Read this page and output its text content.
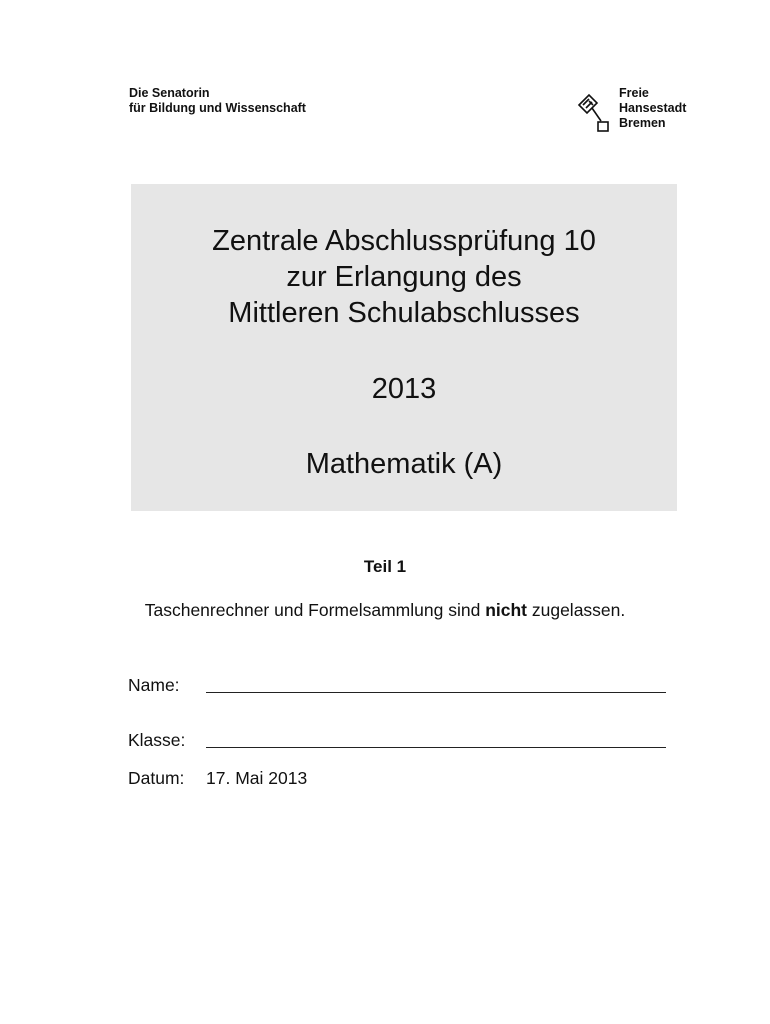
Die Senatorin
für Bildung und Wissenschaft
Freie
Hansestadt
Bremen
Zentrale Abschlussprüfung 10
zur Erlangung des
Mittleren Schulabschlusses
2013
Mathematik (A)
Teil 1
Taschenrechner und Formelsammlung sind nicht zugelassen.
Name:
Klasse:
Datum: 17. Mai 2013
